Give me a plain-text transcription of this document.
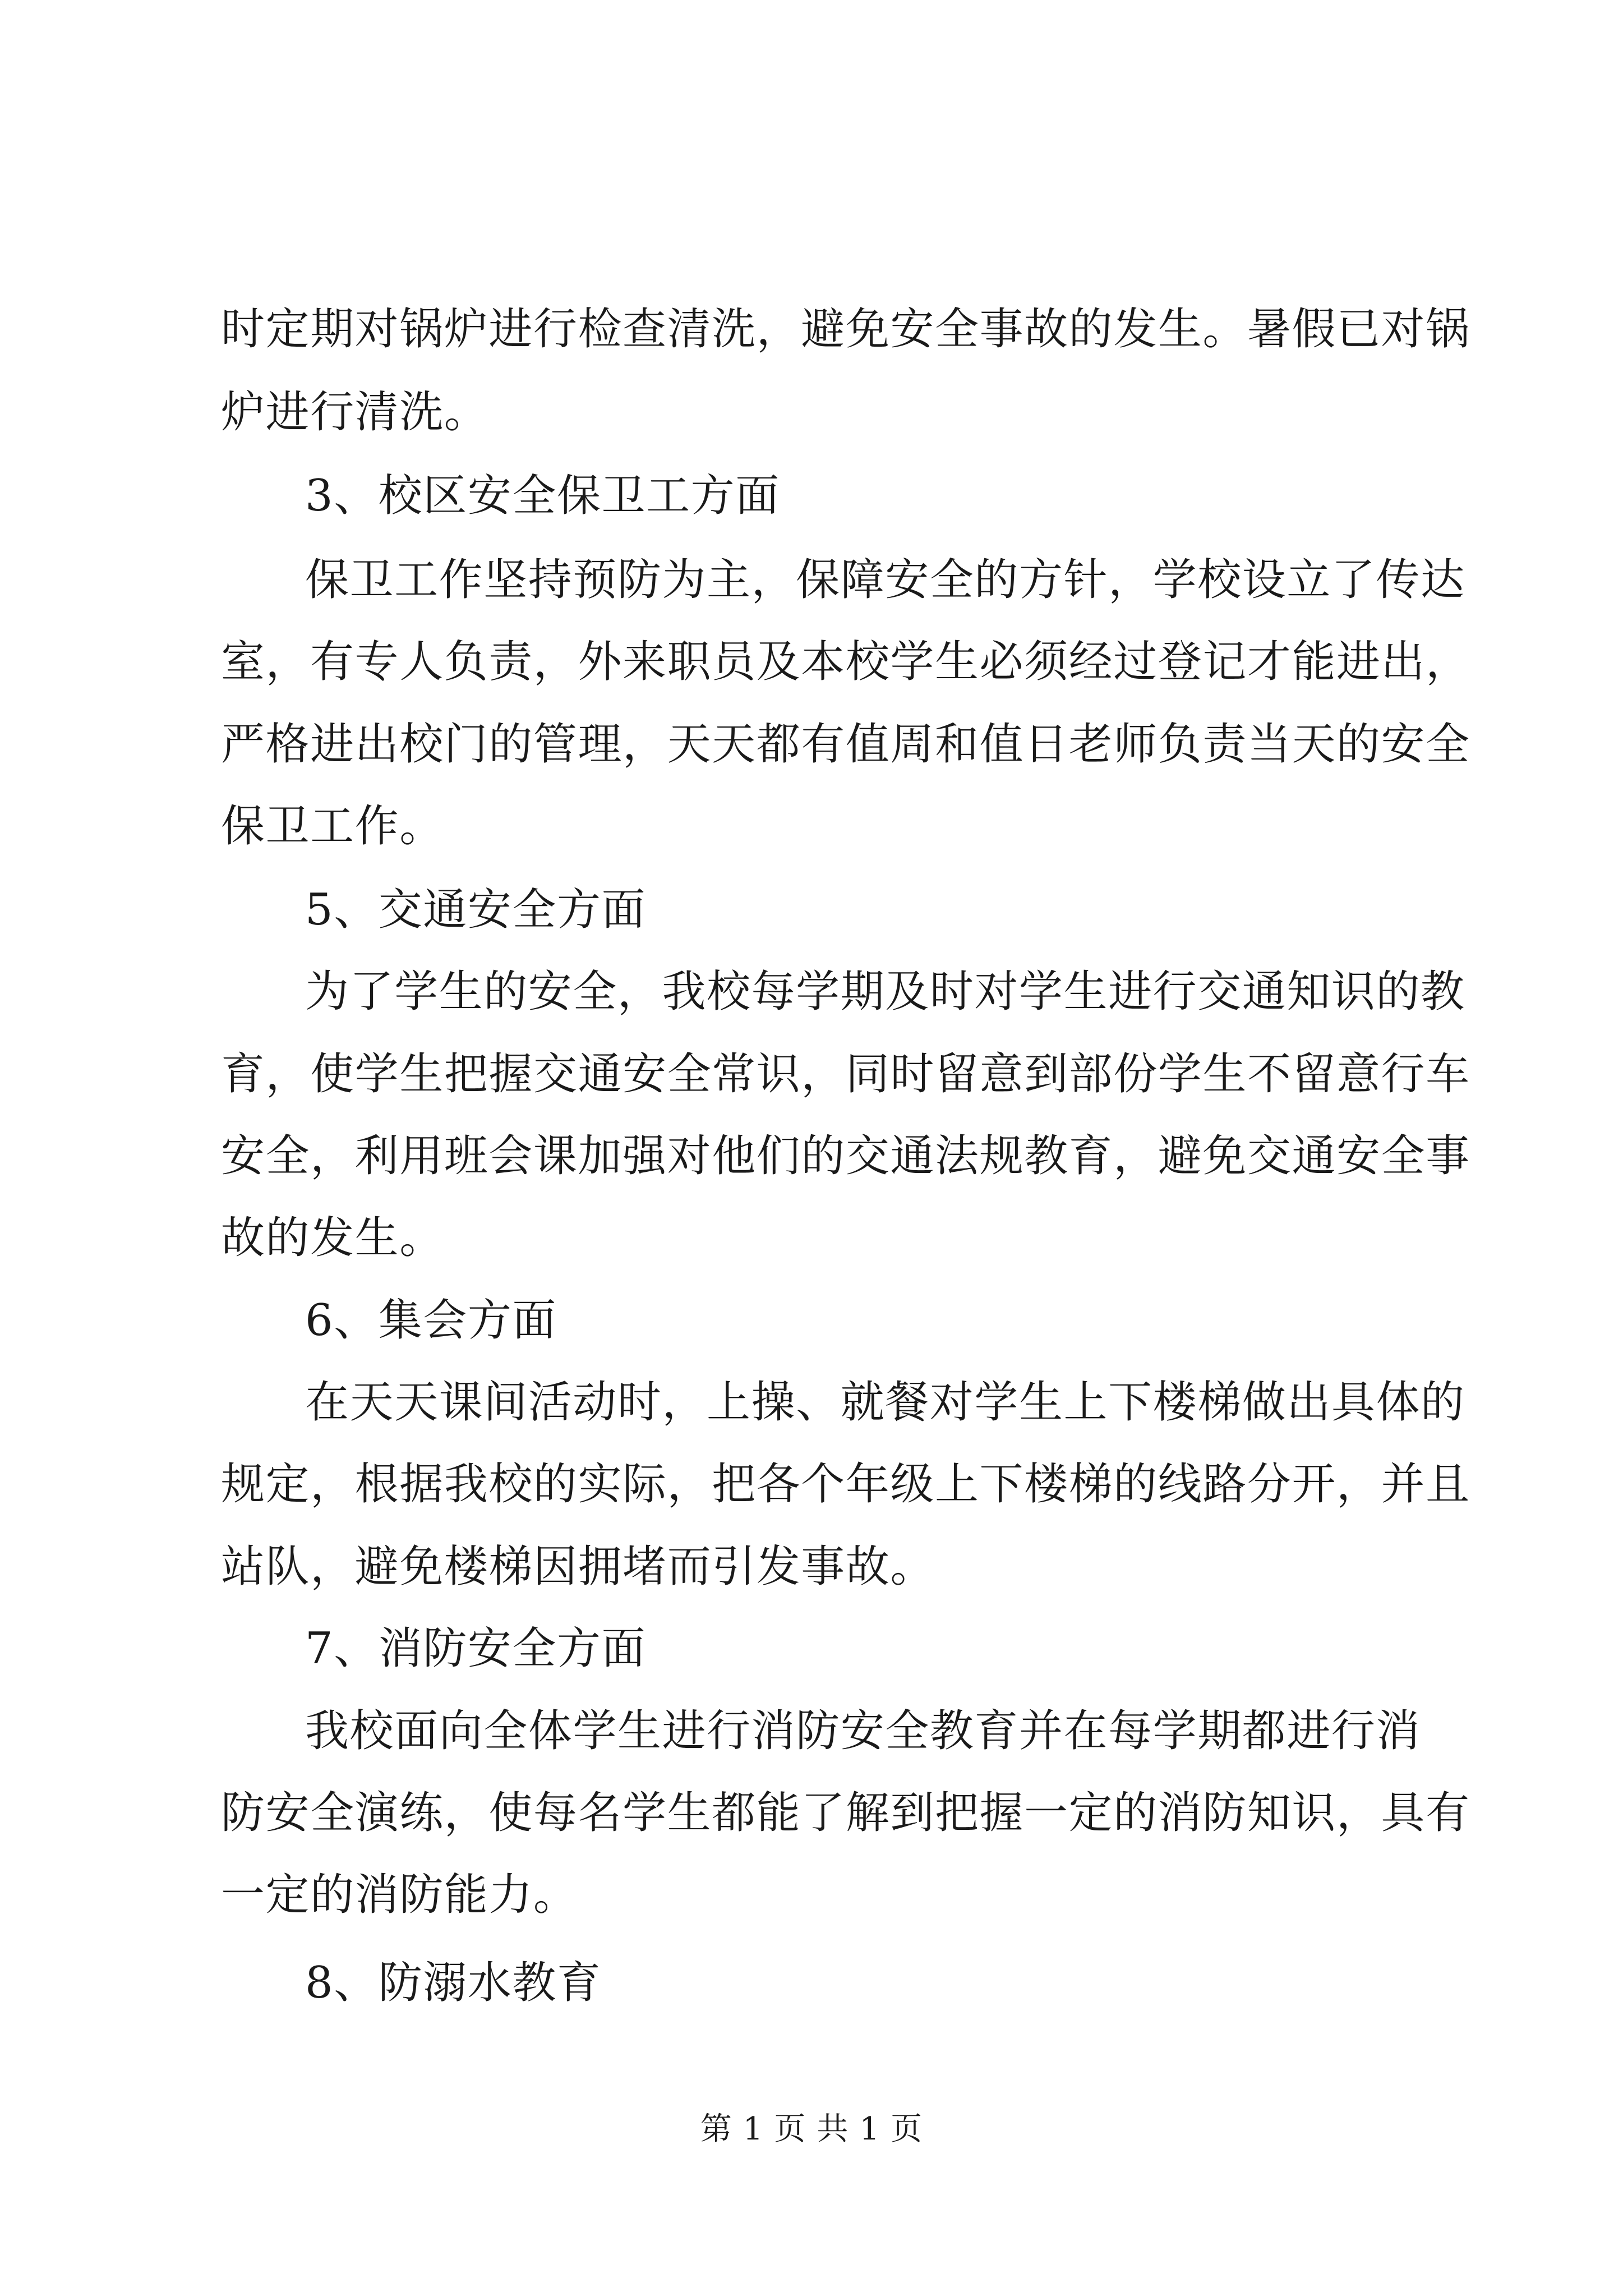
时定期对锅炉进行检查清洗，避免安全事故的发生。暑假已对锅
炉进行清洗。
3、校区安全保卫工方面
保卫工作坚持预防为主，保障安全的方针，学校设立了传达
室，有专人负责，外来职员及本校学生必须经过登记才能进出，
严格进出校门的管理，天天都有值周和值日老师负责当天的安全
保卫工作。
5、交通安全方面
为了学生的安全，我校每学期及时对学生进行交通知识的教
育，使学生把握交通安全常识，同时留意到部份学生不留意行车
安全，利用班会课加强对他们的交通法规教育，避免交通安全事
故的发生。
6、集会方面
在天天课间活动时，上操、就餐对学生上下楼梯做出具体的
规定，根据我校的实际，把各个年级上下楼梯的线路分开，并且
站队，避免楼梯因拥堵而引发事故。
7、消防安全方面
我校面向全体学生进行消防安全教育并在每学期都进行消
防安全演练，使每名学生都能了解到把握一定的消防知识，具有
一定的消防能力。
8、防溺水教育
第 1 页 共 1 页
